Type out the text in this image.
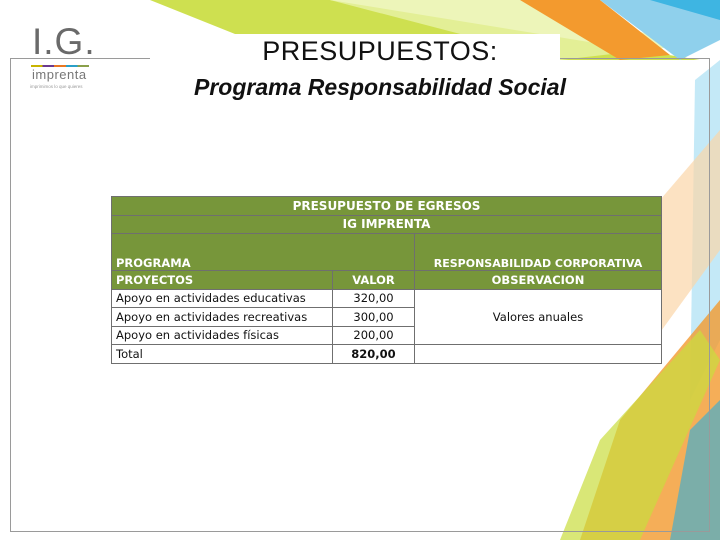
PRESUPUESTOS:
Programa Responsabilidad Social
I.G.
imprenta
imprimimos lo que quieres
PRESUPUESTO DE EGRESOS		
IG IMPRENTA		
PROGRAMA		RESPONSABILIDAD CORPORATIVA
PROYECTOS	VALOR	OBSERVACION
Apoyo en actividades educativas	320,00	Valores anuales
Apoyo en actividades recreativas	300,00	
Apoyo en actividades físicas	200,00	
Total	820,00	
